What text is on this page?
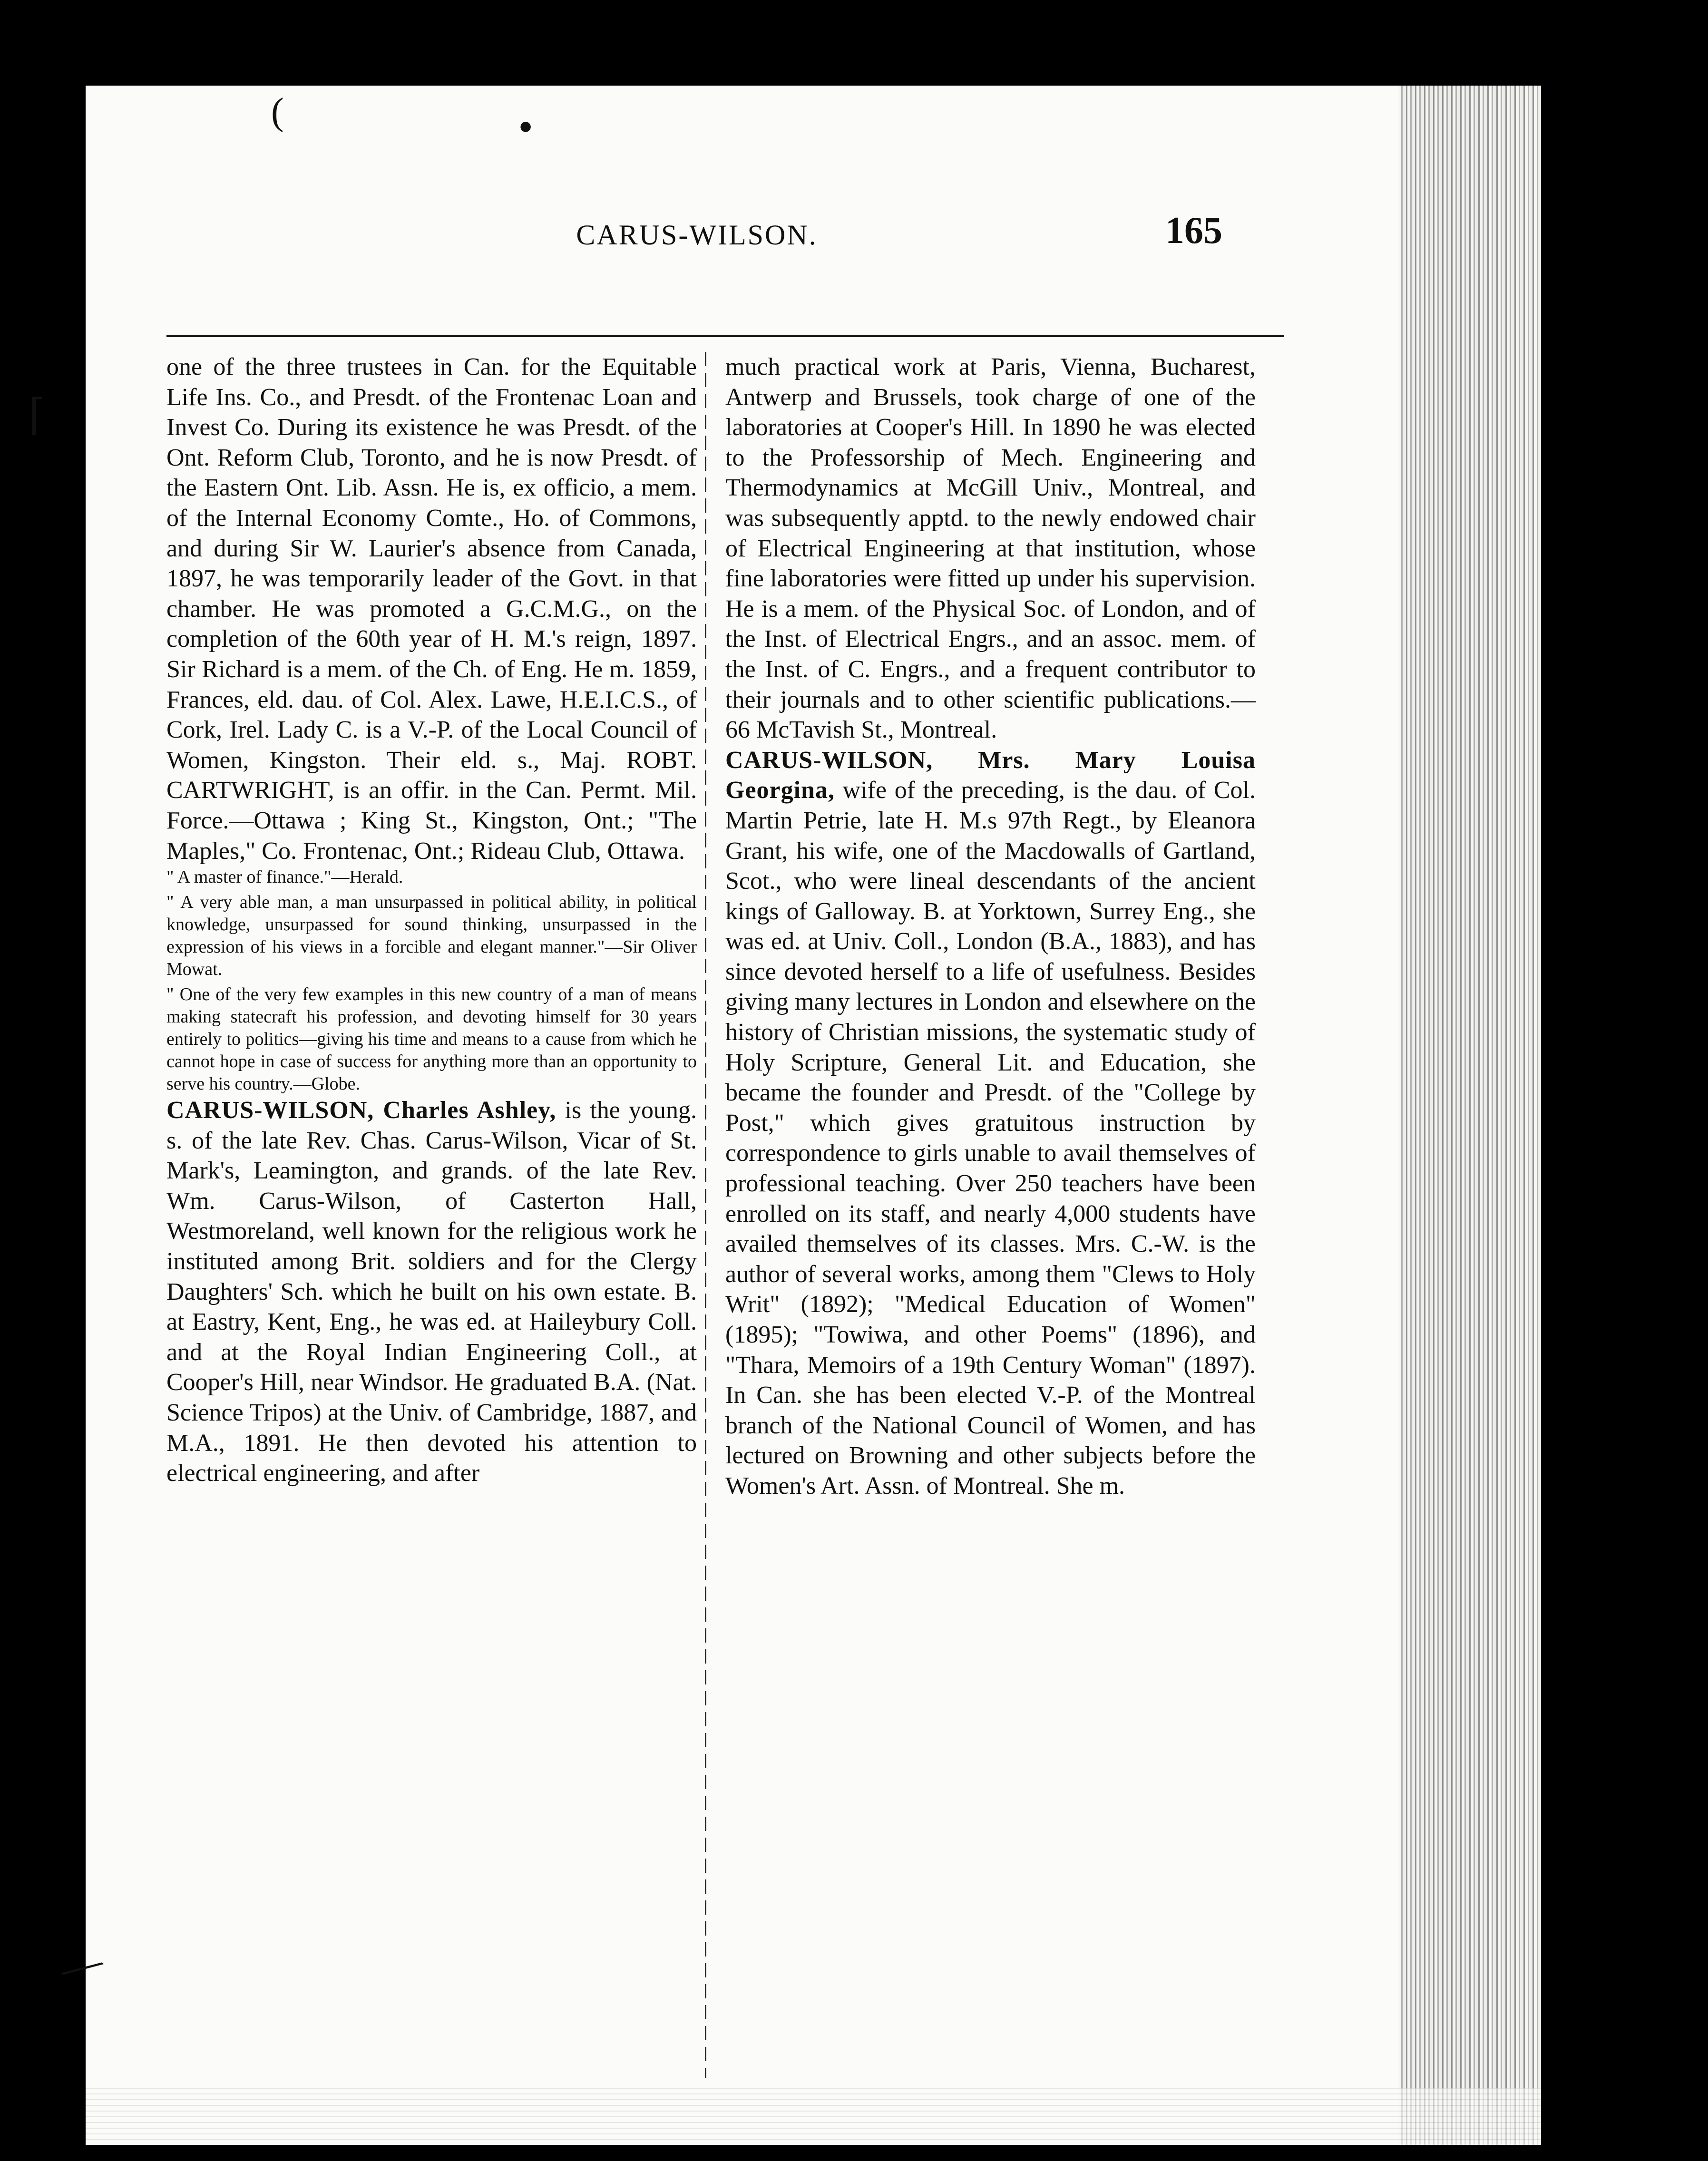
CARUS-WILSON.	165

one of the three trustees in Can. for the Equitable Life Ins. Co., and Presdt. of the Frontenac Loan and Invest Co. During its existence he was Presdt. of the Ont. Reform Club, Toronto, and he is now Presdt. of the Eastern Ont. Lib. Assn. He is, ex officio, a mem. of the Internal Economy Comte., Ho. of Commons, and during Sir W. Laurier's absence from Canada, 1897, he was temporarily leader of the Govt. in that chamber. He was promoted a G.C.M.G., on the completion of the 60th year of H. M.'s reign, 1897. Sir Richard is a mem. of the Ch. of Eng. He m. 1859, Frances, eld. dau. of Col. Alex. Lawe, H.E.I.C.S., of Cork, Irel. Lady C. is a V.-P. of the Local Council of Women, Kingston. Their eld. s., Maj. ROBT. CARTWRIGHT, is an offir. in the Can. Permt. Mil. Force.—Ottawa ; King St., Kingston, Ont.; "The Maples," Co. Frontenac, Ont.; Rideau Club, Ottawa.

" A master of finance."—Herald.

" A very able man, a man unsurpassed in political ability, in political knowledge, unsurpassed for sound thinking, unsurpassed in the expression of his views in a forcible and elegant manner."—Sir Oliver Mowat.

" One of the very few examples in this new country of a man of means making statecraft his profession, and devoting himself for 30 years entirely to politics—giving his time and means to a cause from which he cannot hope in case of success for anything more than an opportunity to serve his country.—Globe.

CARUS-WILSON, Charles Ashley, is the young. s. of the late Rev. Chas. Carus-Wilson, Vicar of St. Mark's, Leamington, and grands. of the late Rev. Wm. Carus-Wilson, of Casterton Hall, Westmoreland, well known for the religious work he instituted among Brit. soldiers and for the Clergy Daughters' Sch. which he built on his own estate. B. at Eastry, Kent, Eng., he was ed. at Haileybury Coll. and at the Royal Indian Engineering Coll., at Cooper's Hill, near Windsor. He graduated B.A. (Nat. Science Tripos) at the Univ. of Cambridge, 1887, and M.A., 1891. He then devoted his attention to electrical engineering, and after

much practical work at Paris, Vienna, Bucharest, Antwerp and Brussels, took charge of one of the laboratories at Cooper's Hill. In 1890 he was elected to the Professorship of Mech. Engineering and Thermodynamics at McGill Univ., Montreal, and was subsequently apptd. to the newly endowed chair of Electrical Engineering at that institution, whose fine laboratories were fitted up under his supervision. He is a mem. of the Physical Soc. of London, and of the Inst. of Electrical Engrs., and an assoc. mem. of the Inst. of C. Engrs., and a frequent contributor to their journals and to other scientific publications.—66 McTavish St., Montreal.

CARUS-WILSON, Mrs. Mary Louisa Georgina, wife of the preceding, is the dau. of Col. Martin Petrie, late H. M.s 97th Regt., by Eleanora Grant, his wife, one of the Macdowalls of Gartland, Scot., who were lineal descendants of the ancient kings of Galloway. B. at Yorktown, Surrey Eng., she was ed. at Univ. Coll., London (B.A., 1883), and has since devoted herself to a life of usefulness. Besides giving many lectures in London and elsewhere on the history of Christian missions, the systematic study of Holy Scripture, General Lit. and Education, she became the founder and Presdt. of the "College by Post," which gives gratuitous instruction by correspondence to girls unable to avail themselves of professional teaching. Over 250 teachers have been enrolled on its staff, and nearly 4,000 students have availed themselves of its classes. Mrs. C.-W. is the author of several works, among them "Clews to Holy Writ" (1892); "Medical Education of Women" (1895); "Towiwa, and other Poems" (1896), and "Thara, Memoirs of a 19th Century Woman" (1897). In Can. she has been elected V.-P. of the Montreal branch of the National Council of Women, and has lectured on Browning and other subjects before the Women's Art. Assn. of Montreal. She m.

⌈
⟋
●
(
